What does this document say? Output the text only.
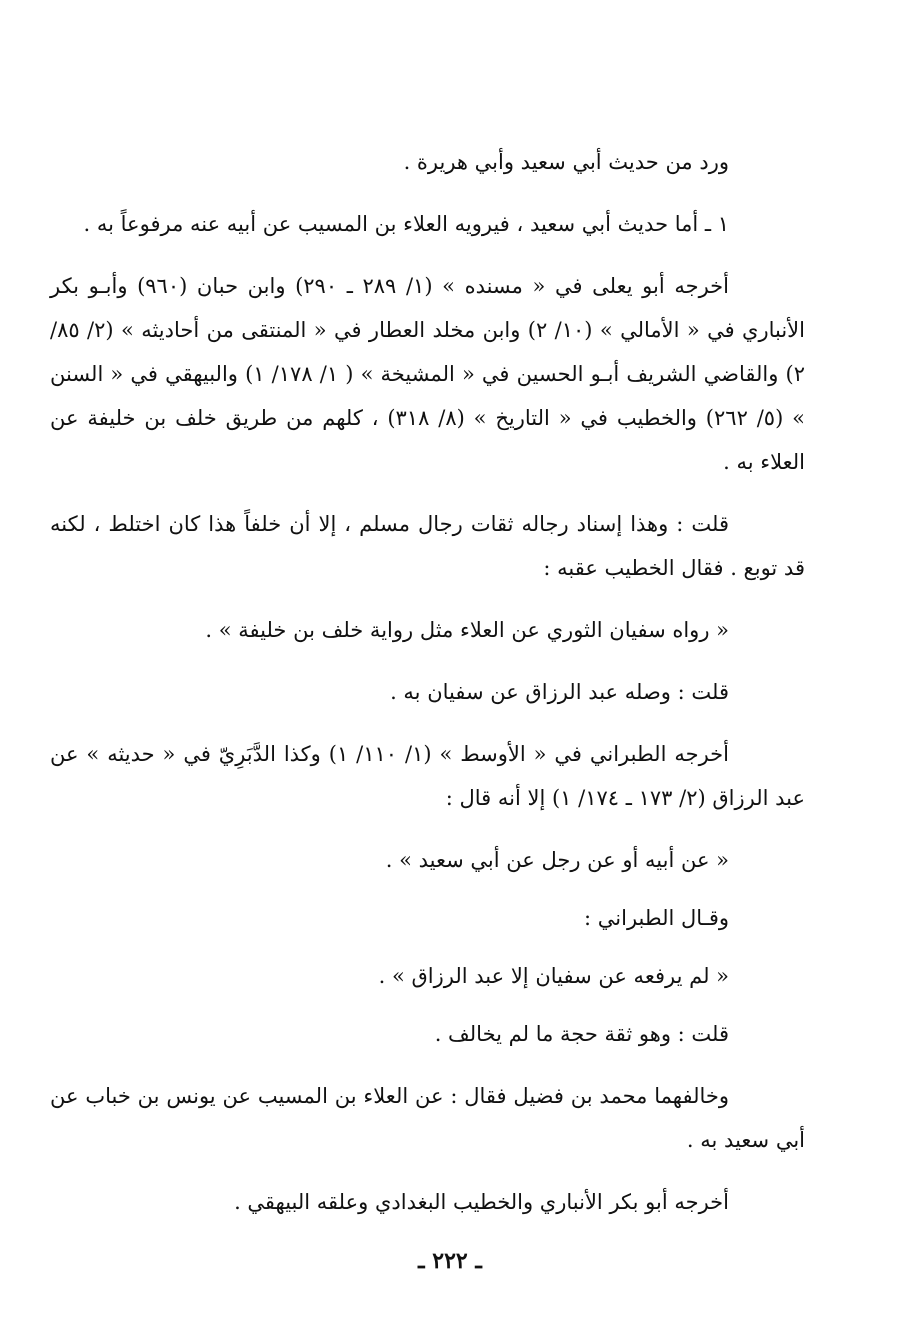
ورد من حديث أبي سعيد وأبي هريرة .

١ ـ أما حديث أبي سعيد ، فيرويه العلاء بن المسيب عن أبيه عنه مرفوعاً به .

أخرجه أبو يعلى في « مسنده » (١/ ٢٨٩ ـ ٢٩٠) وابن حبان (٩٦٠) وأبـو بكر الأنباري في « الأمالي » (١٠/ ٢) وابن مخلد العطار في « المنتقى من أحاديثه » (٢/ ٨٥/ ٢) والقاضي الشريف أبـو الحسين في « المشيخة » ( ١/ ١٧٨/ ١) والبيهقي في « السنن » (٥/ ٢٦٢) والخطيب في « التاريخ » (٨/ ٣١٨) ، كلهم من طريق خلف بن خليفة عن العلاء به .

قلت : وهذا إسناد رجاله ثقات رجال مسلم ، إلا أن خلفاً هذا كان اختلط ، لكنه قد توبع . فقال الخطيب عقبه :

« رواه سفيان الثوري عن العلاء مثل رواية خلف بن خليفة » .

قلت : وصله عبد الرزاق عن سفيان به .

أخرجه الطبراني في « الأوسط » (١/ ١١٠/ ١) وكذا الدَّبَرِيّ في « حديثه » عن عبد الرزاق (٢/ ١٧٣ ـ ١٧٤/ ١) إلا أنه قال :

« عن أبيه أو عن رجل عن أبي سعيد » .

وقـال الطبراني :

« لم يرفعه عن سفيان إلا عبد الرزاق » .

قلت : وهو ثقة حجة ما لم يخالف .

وخالفهما محمد بن فضيل فقال : عن العلاء بن المسيب عن يونس بن خباب عن أبي سعيد به .

أخرجه أبو بكر الأنباري والخطيب البغدادي وعلقه البيهقي .

ـ ٢٢٢ ـ
